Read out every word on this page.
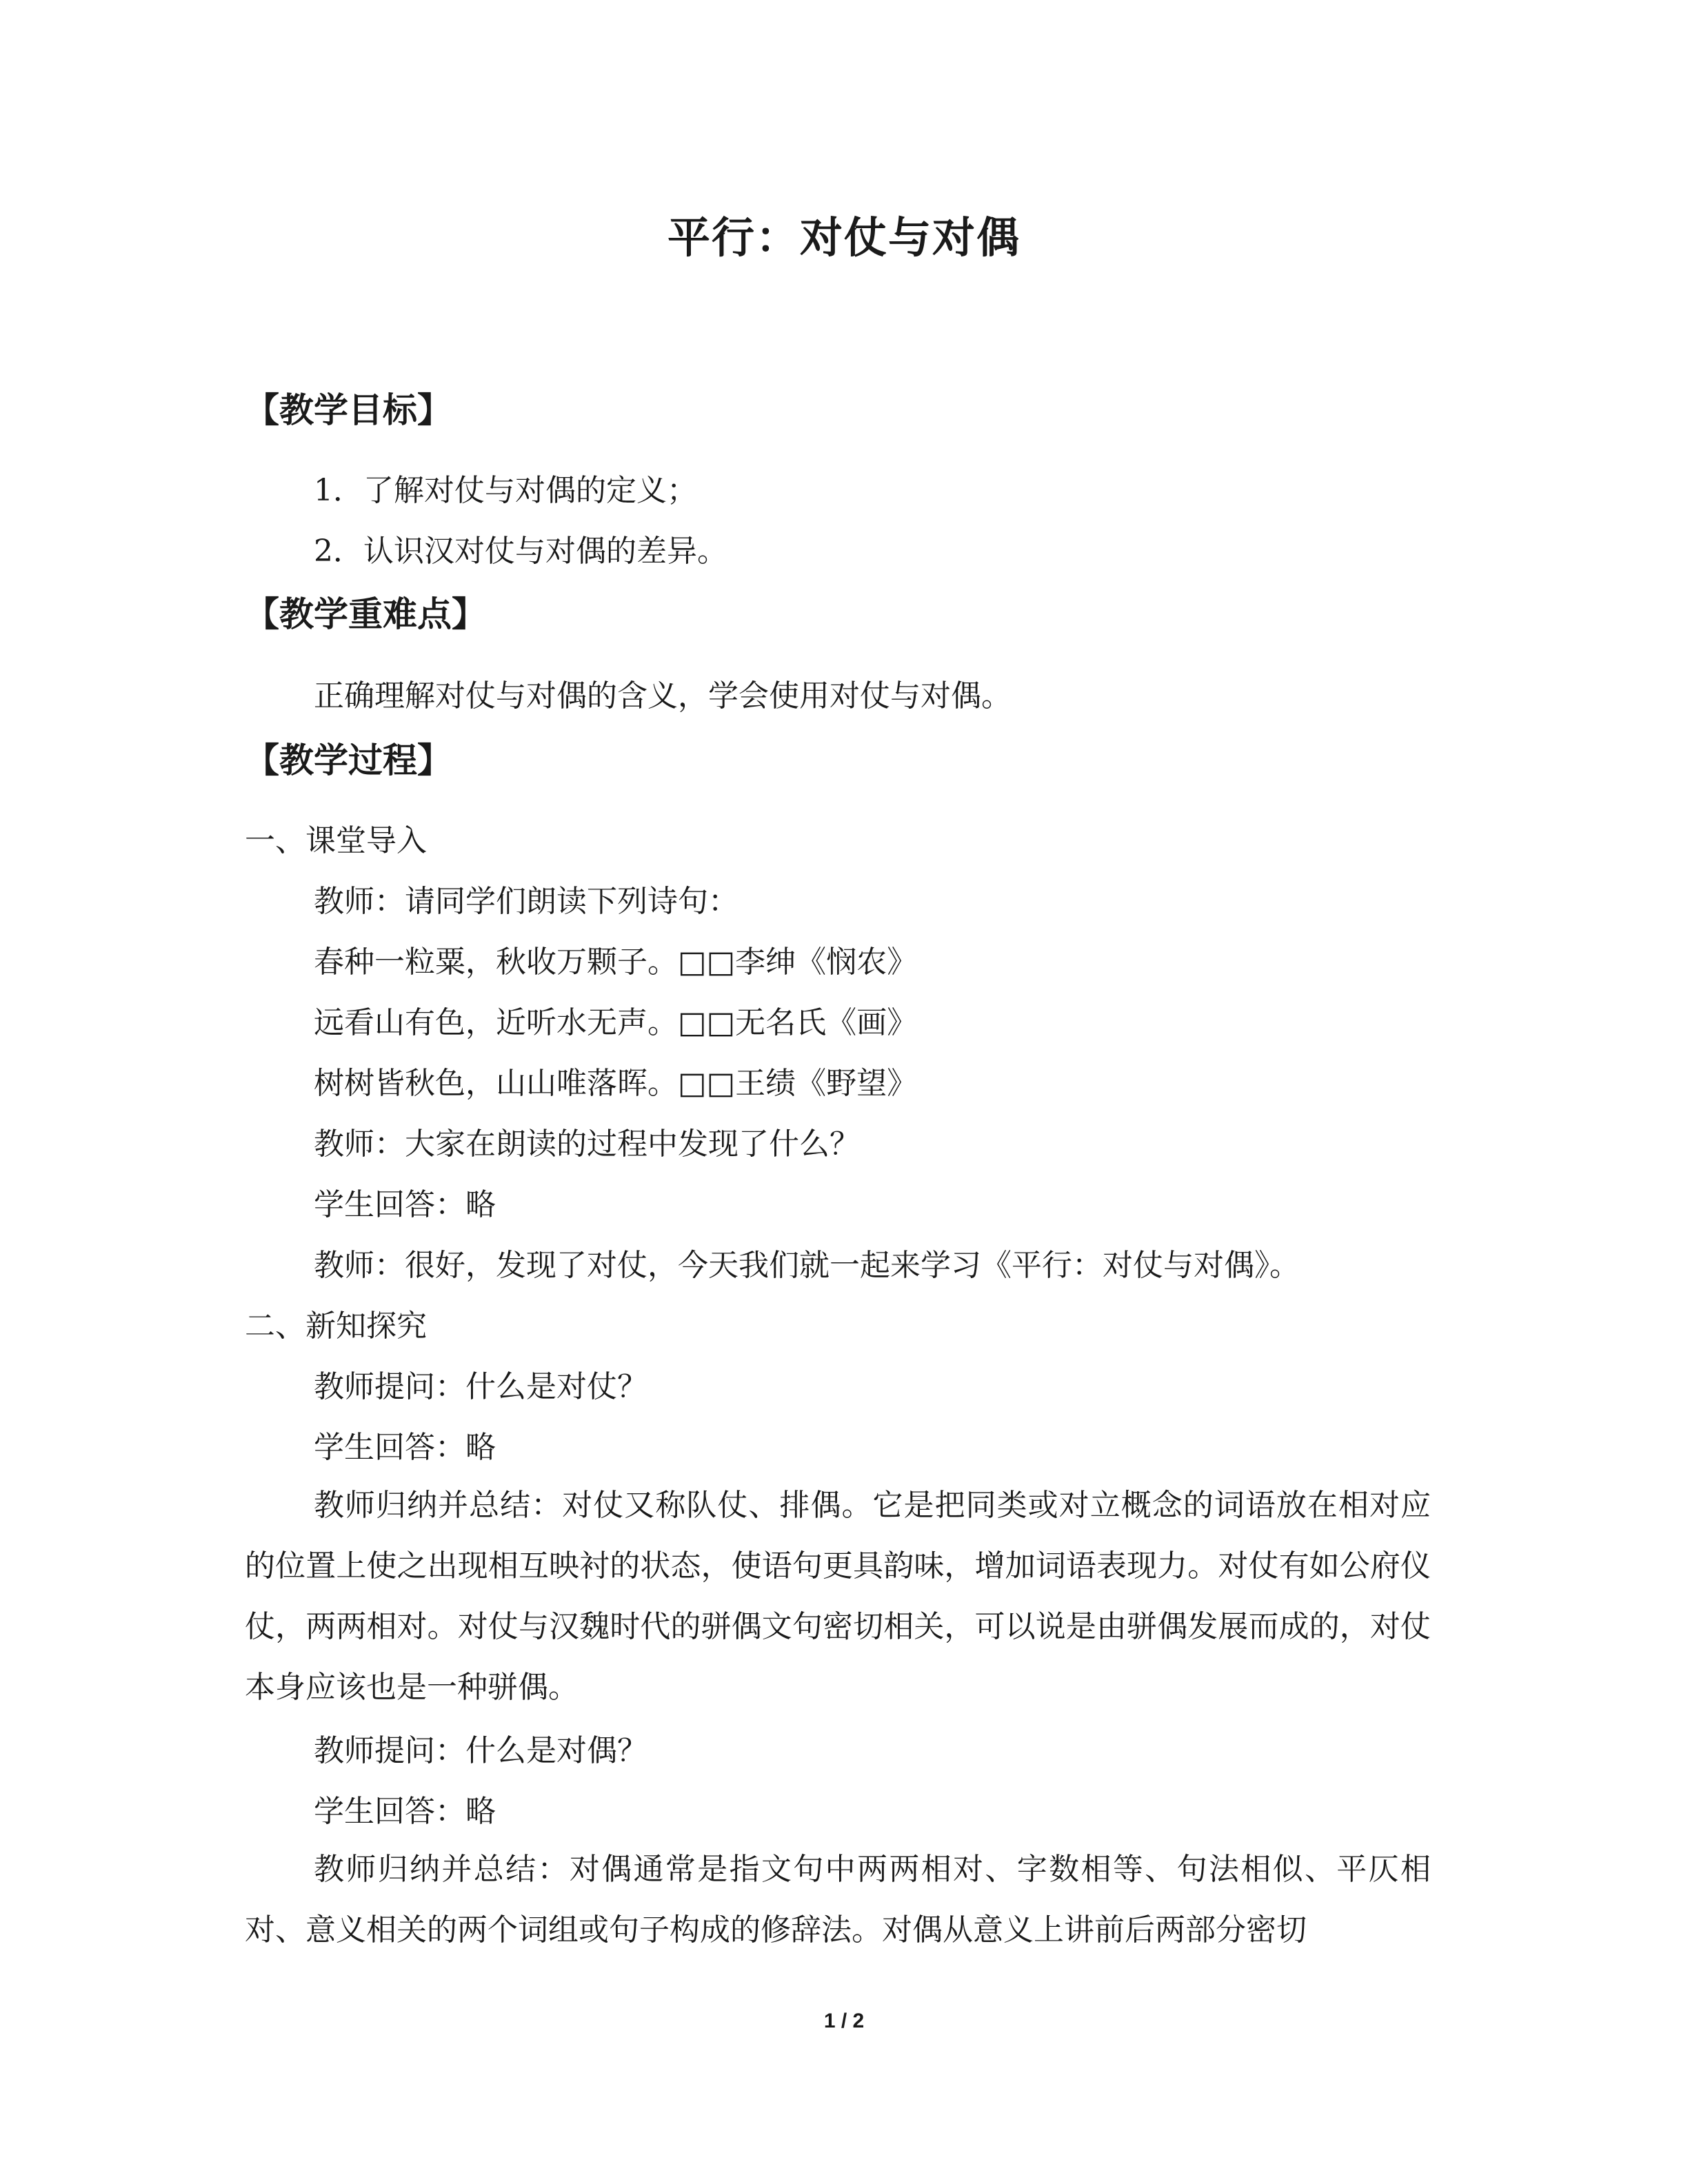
平行：对仗与对偶
【教学目标】
1．了解对仗与对偶的定义；
2．认识汉对仗与对偶的差异。
【教学重难点】
正确理解对仗与对偶的含义，学会使用对仗与对偶。
【教学过程】
一、课堂导入
教师：请同学们朗读下列诗句：
春种一粒粟，秋收万颗子。□□李绅《悯农》
远看山有色，近听水无声。□□无名氏《画》
树树皆秋色，山山唯落晖。□□王绩《野望》
教师：大家在朗读的过程中发现了什么？
学生回答：略
教师：很好，发现了对仗，今天我们就一起来学习《平行：对仗与对偶》。
二、新知探究
教师提问：什么是对仗？
学生回答：略
教师归纳并总结：对仗又称队仗、排偶。它是把同类或对立概念的词语放在相对应的位置上使之出现相互映衬的状态，使语句更具韵味，增加词语表现力。对仗有如公府仪仗，两两相对。对仗与汉魏时代的骈偶文句密切相关，可以说是由骈偶发展而成的，对仗本身应该也是一种骈偶。
教师提问：什么是对偶？
学生回答：略
教师归纳并总结：对偶通常是指文句中两两相对、字数相等、句法相似、平仄相对、意义相关的两个词组或句子构成的修辞法。对偶从意义上讲前后两部分密切
1 / 2
